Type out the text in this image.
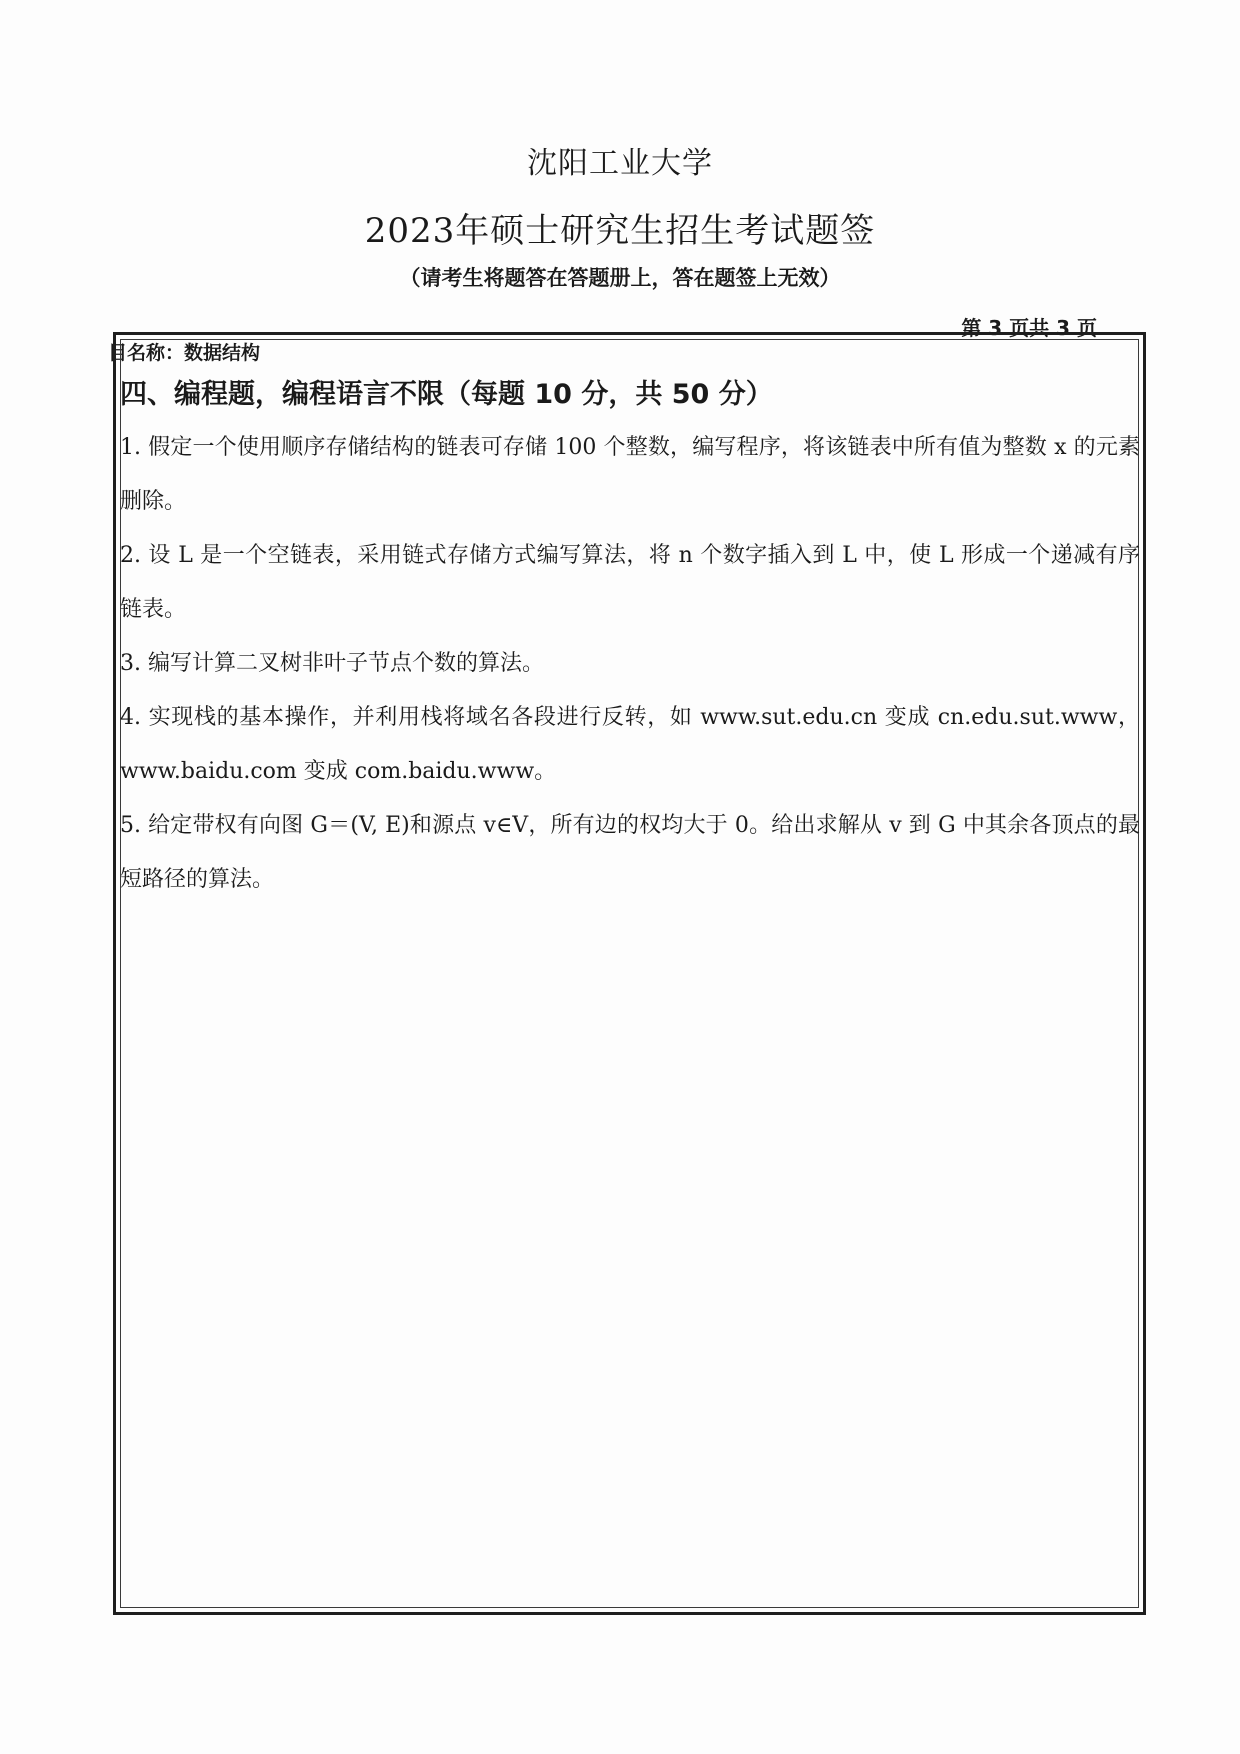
沈阳工业大学
2023年硕士研究生招生考试题签
（请考生将题答在答题册上，答在题签上无效）
第 3 页共 3 页
目名称：数据结构
四、编程题，编程语言不限（每题 10 分，共 50 分）

1. 假定一个使用顺序存储结构的链表可存储 100 个整数，编写程序，将该链表中所有值为整数 x 的元素删除。

2. 设 L 是一个空链表，采用链式存储方式编写算法，将 n 个数字插入到 L 中，使 L 形成一个递减有序链表。

3. 编写计算二叉树非叶子节点个数的算法。

4. 实现栈的基本操作，并利用栈将域名各段进行反转，如 www.sut.edu.cn 变成 cn.edu.sut.www，www.baidu.com 变成 com.baidu.www。

5. 给定带权有向图 G＝(V, E)和源点 v∈V，所有边的权均大于 0。给出求解从 v 到 G 中其余各顶点的最短路径的算法。
